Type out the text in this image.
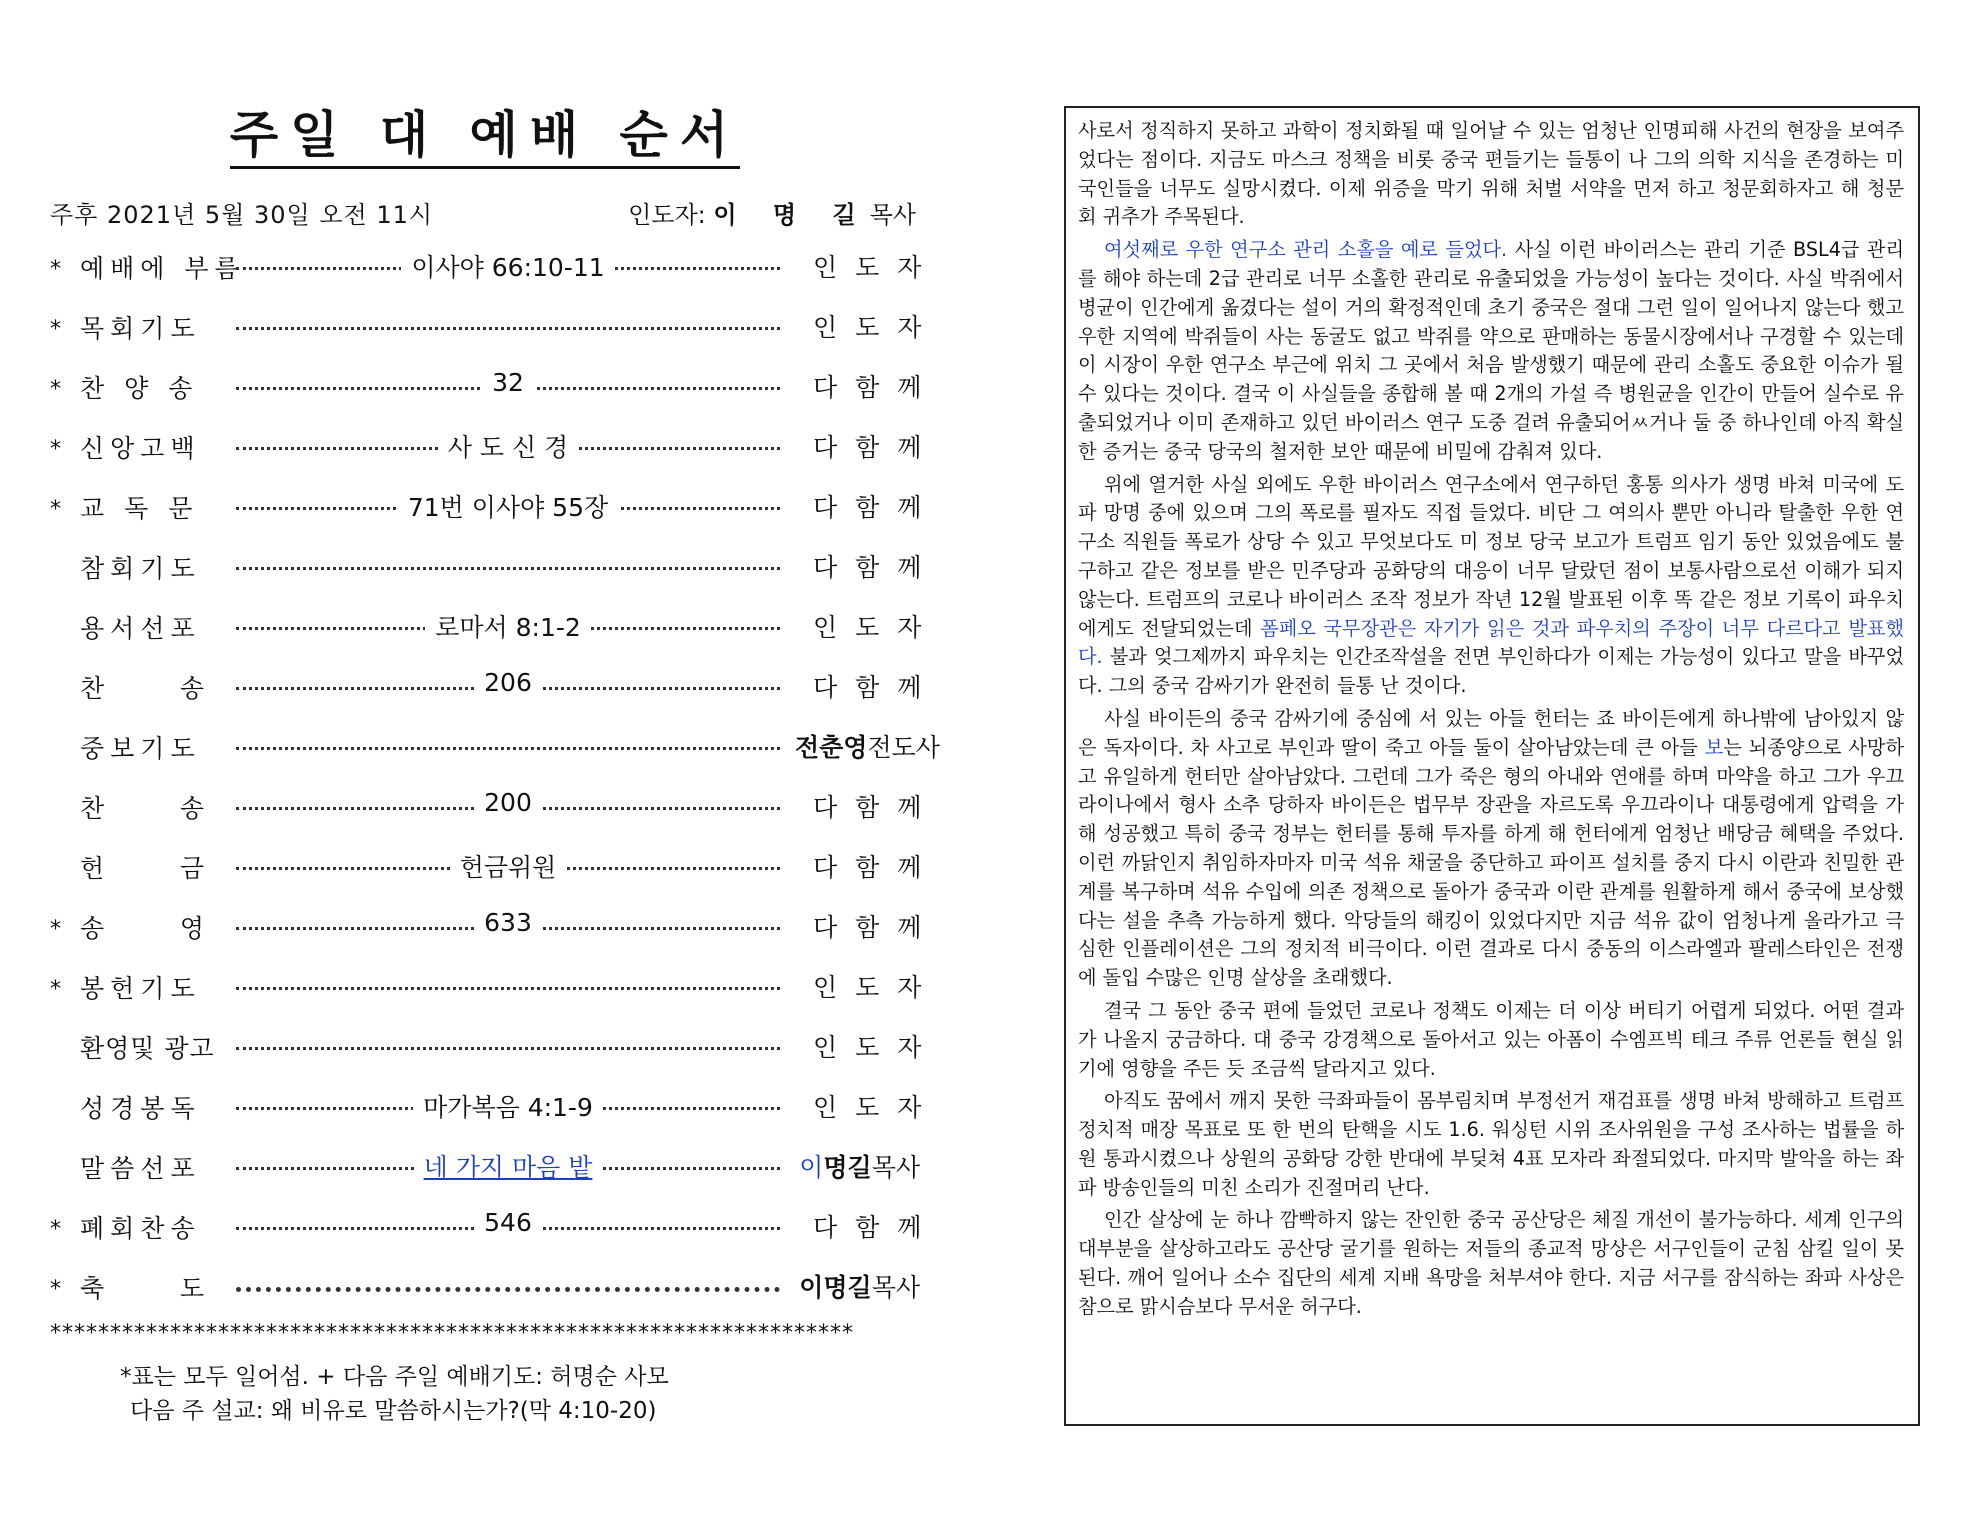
주일 대 예배 순서
주후 2021년 5월 30일 오전 11시	인도자: 이 명 길목사
* 예배에 부름	이사야 66:10-11	인도자
* 목회기도	인도자
* 찬 양 송	32	다함께
* 신앙고백	사 도 신 경	다함께
* 교 독 문	71번 이사야 55장	다함께
참회기도	다함께
용서선포	로마서 8:1-2	인도자
찬     송	206	다함께
중보기도	전춘영전도사
찬     송	200	다함께
헌     금	헌금위원	다함께
* 송     영	633	다함께
* 봉헌기도	인도자
환영및 광고	인도자
성경봉독	마가복음 4:1-9	인도자
말씀선포	네 가지 마음 밭	이명길목사
* 폐회찬송	546	다함께
* 축     도	이명길목사
*******************************************************************
*표는 모두 일어섬. + 다음 주일 예배기도: 허명순 사모
다음 주 설교: 왜 비유로 말씀하시는가?(막 4:10-20)

사로서 정직하지 못하고 과학이 정치화될 때 일어날 수 있는 엄청난 인명피해 사건의 현장을 보여주었다는 점이다. 지금도 마스크 정책을 비롯 중국 편들기는 들통이 나 그의 의학 지식을 존경하는 미국인들을 너무도 실망시켰다. 이제 위증을 막기 위해 처벌 서약을 먼저 하고 청문회하자고 해 청문회 귀추가 주목된다.

여섯째로 우한 연구소 관리 소홀을 예로 들었다. 사실 이런 바이러스는 관리 기준 BSL4급 관리를 해야 하는데 2급 관리로 너무 소홀한 관리로 유출되었을 가능성이 높다는 것이다. 사실 박쥐에서 병균이 인간에게 옮겼다는 설이 거의 확정적인데 초기 중국은 절대 그런 일이 일어나지 않는다 했고 우한 지역에 박쥐들이 사는 동굴도 없고 박쥐를 약으로 판매하는 동물시장에서나 구경할 수 있는데 이 시장이 우한 연구소 부근에 위치 그 곳에서 처음 발생했기 때문에 관리 소홀도 중요한 이슈가 될 수 있다는 것이다. 결국 이 사실들을 종합해 볼 때 2개의 가설 즉 병원균을 인간이 만들어 실수로 유출되었거나 이미 존재하고 있던 바이러스 연구 도중 걸려 유출되어ㅆ거나 둘 중 하나인데 아직 확실한 증거는 중국 당국의 철저한 보안 때문에 비밀에 감춰져 있다.

위에 열거한 사실 외에도 우한 바이러스 연구소에서 연구하던 홍통 의사가 생명 바쳐 미국에 도파 망명 중에 있으며 그의 폭로를 필자도 직접 들었다. 비단 그 여의사 뿐만 아니라 탈출한 우한 연구소 직원들 폭로가 상당 수 있고 무엇보다도 미 정보 당국 보고가 트럼프 임기 동안 있었음에도 불구하고 같은 정보를 받은 민주당과 공화당의 대응이 너무 달랐던 점이 보통사람으로선 이해가 되지 않는다. 트럼프의 코로나 바이러스 조작 정보가 작년 12월 발표된 이후 똑 같은 정보 기록이 파우치에게도 전달되었는데 폼페오 국무장관은 자기가 읽은 것과 파우치의 주장이 너무 다르다고 발표했다. 불과 엊그제까지 파우치는 인간조작설을 전면 부인하다가 이제는 가능성이 있다고 말을 바꾸었다. 그의 중국 감싸기가 완전히 들통 난 것이다.

사실 바이든의 중국 감싸기에 중심에 서 있는 아들 헌터는 죠 바이든에게 하나밖에 남아있지 않은 독자이다. 차 사고로 부인과 딸이 죽고 아들 둘이 살아남았는데 큰 아들 보는 뇌종양으로 사망하고 유일하게 헌터만 살아남았다. 그런데 그가 죽은 형의 아내와 연애를 하며 마약을 하고 그가 우끄라이나에서 형사 소추 당하자 바이든은 법무부 장관을 자르도록 우끄라이나 대통령에게 압력을 가해 성공했고 특히 중국 정부는 헌터를 통해 투자를 하게 해 헌터에게 엄청난 배당금 혜택을 주었다. 이런 까닭인지 취임하자마자 미국 석유 채굴을 중단하고 파이프 설치를 중지 다시 이란과 친밀한 관계를 복구하며 석유 수입에 의존 정책으로 돌아가 중국과 이란 관계를 원활하게 해서 중국에 보상했다는 설을 추측 가능하게 했다. 악당들의 해킹이 있었다지만 지금 석유 값이 엄청나게 올라가고 극심한 인플레이션은 그의 정치적 비극이다. 이런 결과로 다시 중동의 이스라엘과 팔레스타인은 전쟁에 돌입 수많은 인명 살상을 초래했다.

결국 그 동안 중국 편에 들었던 코로나 정책도 이제는 더 이상 버티기 어렵게 되었다. 어떤 결과가 나올지 궁금하다. 대 중국 강경책으로 돌아서고 있는 아폼이 수엠프빅 테크 주류 언론들 현실 읽기에 영향을 주든 듯 조금씩 달라지고 있다.

아직도 꿈에서 깨지 못한 극좌파들이 몸부림치며 부정선거 재검표를 생명 바쳐 방해하고 트럼프 정치적 매장 목표로 또 한 번의 탄핵을 시도 1.6. 워싱턴 시위 조사위원을 구성 조사하는 법률을 하원 통과시켰으나 상원의 공화당 강한 반대에 부딪쳐 4표 모자라 좌절되었다. 마지막 발악을 하는 좌파 방송인들의 미친 소리가 진절머리 난다.

인간 살상에 눈 하나 깜빡하지 않는 잔인한 중국 공산당은 체질 개선이 불가능하다. 세계 인구의 대부분을 살상하고라도 공산당 굴기를 원하는 저들의 종교적 망상은 서구인들이 군침 삼킬 일이 못 된다. 깨어 일어나 소수 집단의 세계 지배 욕망을 처부셔야 한다. 지금 서구를 잠식하는 좌파 사상은 참으로 맑시슴보다 무서운 허구다.
